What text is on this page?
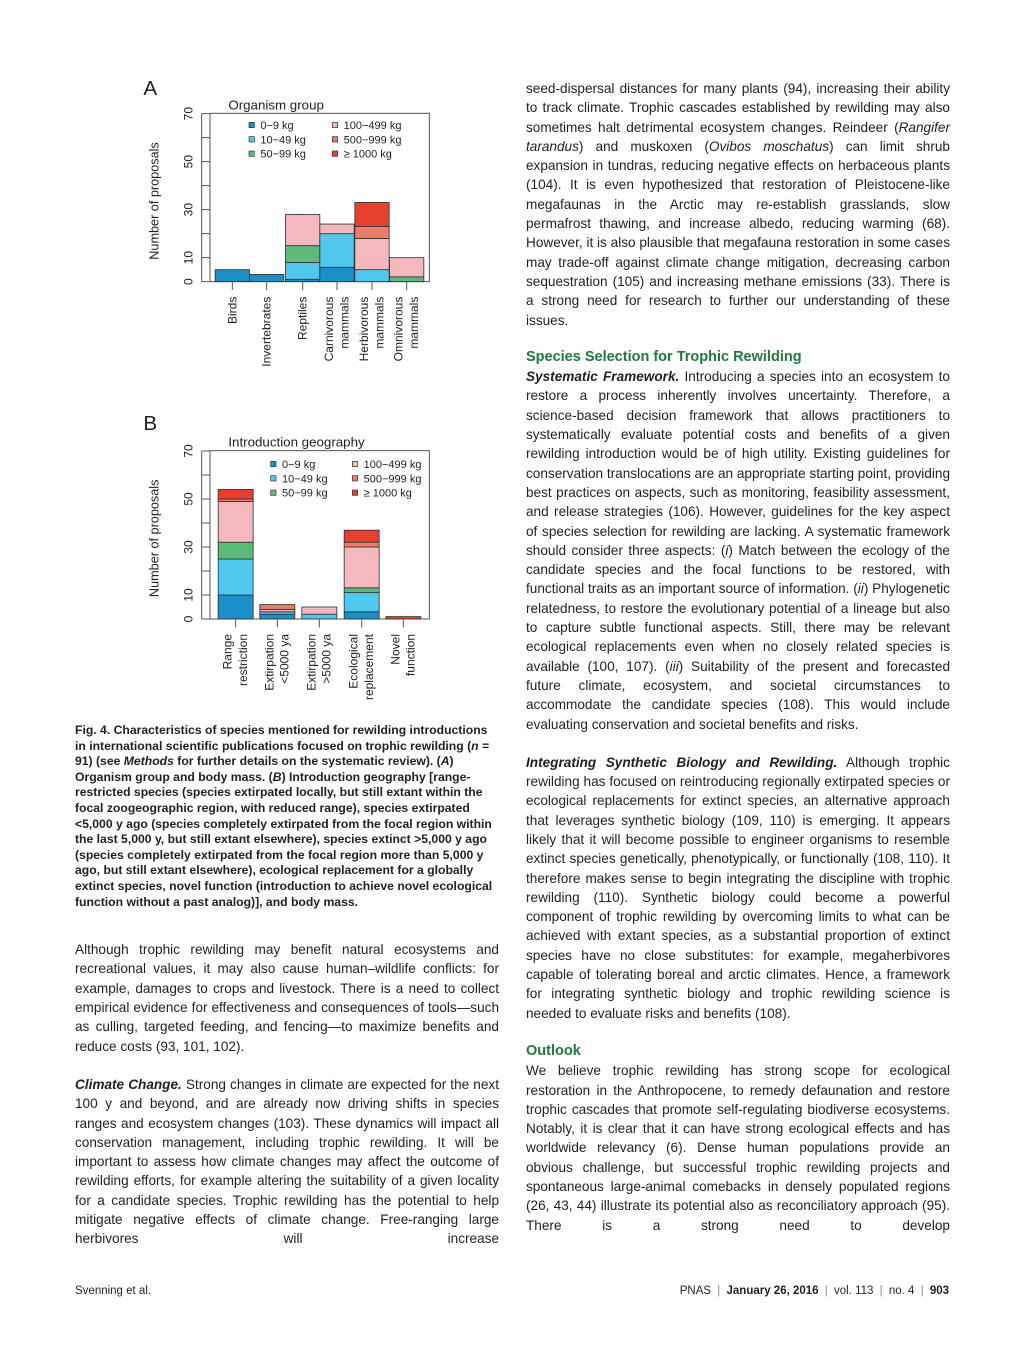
A
Organism group
0
10
30
50
70
Number of proposals
Birds Invertebrates Reptiles Carnivorous mammals Herbivorous mammals Omnivorous mammals
0−9 kg
10−49 kg
50−99 kg
100−499 kg
500−999 kg
≥ 1000 kg
B
Introduction geography
0
10
30
50
70
Number of proposals
Range restriction Extirpation <5000 ya Extirpation >5000 ya Ecological replacement Novel function
0−9 kg
10−49 kg
50−99 kg
100−499 kg
500−999 kg
≥ 1000 kg

Fig. 4. Characteristics of species mentioned for rewilding introductions in international scientific publications focused on trophic rewilding (n = 91) (see Methods for further details on the systematic review). (A) Organism group and body mass. (B) Introduction geography [range-restricted species (species extirpated locally, but still extant within the focal zoogeographic region, with reduced range), species extirpated <5,000 y ago (species completely extirpated from the focal region within the last 5,000 y, but still extant elsewhere), species extinct >5,000 y ago (species completely extirpated from the focal region more than 5,000 y ago, but still extant elsewhere), ecological replacement for a globally extinct species, novel function (introduction to achieve novel ecological function without a past analog)], and body mass.

Although trophic rewilding may benefit natural ecosystems and recreational values, it may also cause human–wildlife conflicts: for example, damages to crops and livestock. There is a need to collect empirical evidence for effectiveness and consequences of tools—such as culling, targeted feeding, and fencing—to maximize benefits and reduce costs (93, 101, 102).

Climate Change. Strong changes in climate are expected for the next 100 y and beyond, and are already now driving shifts in species ranges and ecosystem changes (103). These dynamics will impact all conservation management, including trophic rewilding. It will be important to assess how climate changes may affect the outcome of rewilding efforts, for example altering the suitability of a given locality for a candidate species. Trophic rewilding has the potential to help mitigate negative effects of climate change. Free-ranging large herbivores will increase

seed-dispersal distances for many plants (94), increasing their ability to track climate. Trophic cascades established by rewilding may also sometimes halt detrimental ecosystem changes. Reindeer (Rangifer tarandus) and muskoxen (Ovibos moschatus) can limit shrub expansion in tundras, reducing negative effects on herbaceous plants (104). It is even hypothesized that restoration of Pleistocene-like megafaunas in the Arctic may re-establish grasslands, slow permafrost thawing, and increase albedo, reducing warming (68). However, it is also plausible that megafauna restoration in some cases may trade-off against climate change mitigation, decreasing carbon sequestration (105) and increasing methane emissions (33). There is a strong need for research to further our understanding of these issues.

Species Selection for Trophic Rewilding

Systematic Framework. Introducing a species into an ecosystem to restore a process inherently involves uncertainty. Therefore, a science-based decision framework that allows practitioners to systematically evaluate potential costs and benefits of a given rewilding introduction would be of high utility. Existing guidelines for conservation translocations are an appropriate starting point, providing best practices on aspects, such as monitoring, feasibility assessment, and release strategies (106). However, guidelines for the key aspect of species selection for rewilding are lacking. A systematic framework should consider three aspects: (i) Match between the ecology of the candidate species and the focal functions to be restored, with functional traits as an important source of information. (ii) Phylogenetic relatedness, to restore the evolutionary potential of a lineage but also to capture subtle functional aspects. Still, there may be relevant ecological replacements even when no closely related species is available (100, 107). (iii) Suitability of the present and forecasted future climate, ecosystem, and societal circumstances to accommodate the candidate species (108). This would include evaluating conservation and societal benefits and risks.

Integrating Synthetic Biology and Rewilding. Although trophic rewilding has focused on reintroducing regionally extirpated species or ecological replacements for extinct species, an alternative approach that leverages synthetic biology (109, 110) is emerging. It appears likely that it will become possible to engineer organisms to resemble extinct species genetically, phenotypically, or functionally (108, 110). It therefore makes sense to begin integrating the discipline with trophic rewilding (110). Synthetic biology could become a powerful component of trophic rewilding by overcoming limits to what can be achieved with extant species, as a substantial proportion of extinct species have no close substitutes: for example, megaherbivores capable of tolerating boreal and arctic climates. Hence, a framework for integrating synthetic biology and trophic rewilding science is needed to evaluate risks and benefits (108).

Outlook

We believe trophic rewilding has strong scope for ecological restoration in the Anthropocene, to remedy defaunation and restore trophic cascades that promote self-regulating biodiverse ecosystems. Notably, it is clear that it can have strong ecological effects and has worldwide relevancy (6). Dense human populations provide an obvious challenge, but successful trophic rewilding projects and spontaneous large-animal comebacks in densely populated regions (26, 43, 44) illustrate its potential also as reconciliatory approach (95). There is a strong need to develop

Svenning et al.	PNAS | January 26, 2016 | vol. 113 | no. 4 | 903
